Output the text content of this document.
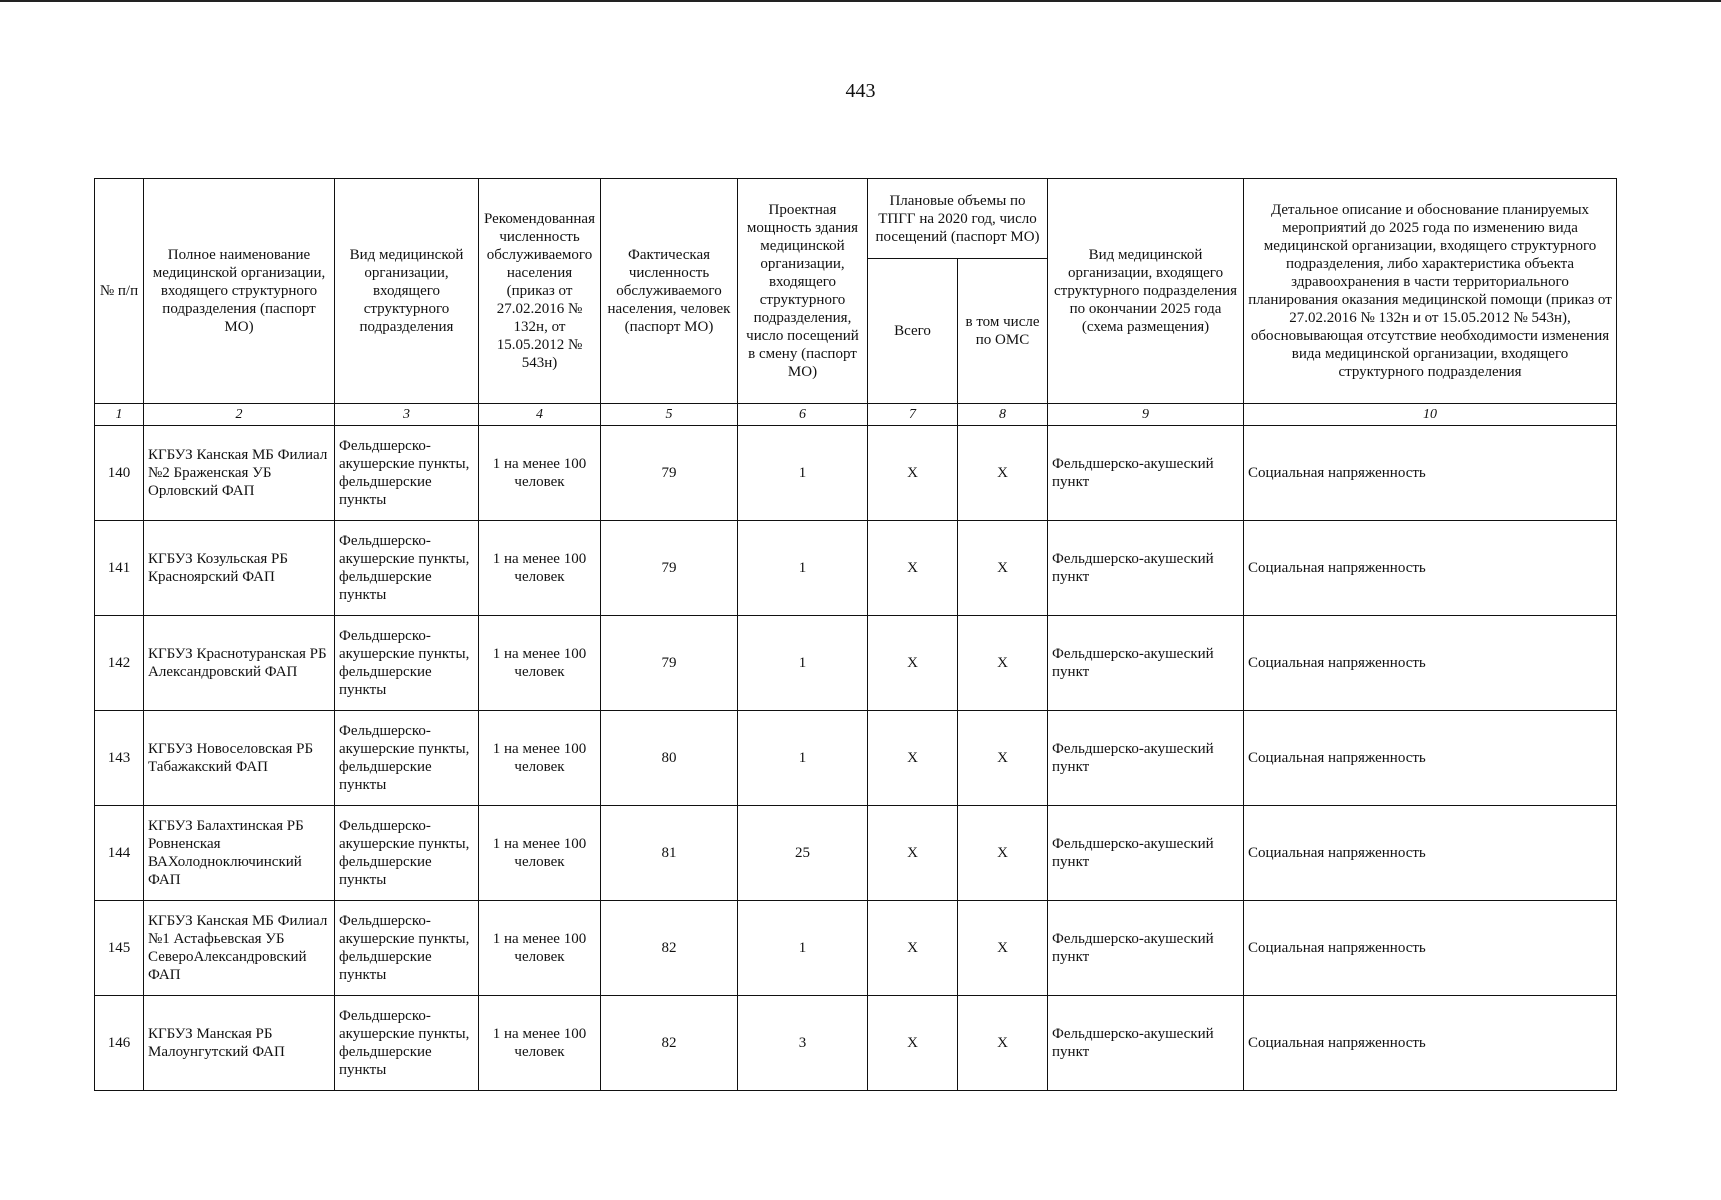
443
№ п/п	Полное наименование медицинской организации, входящего структурного подразделения (паспорт МО)	Вид медицинской организации, входящего структурного подразделения	Рекомендованная численность обслуживаемого населения (приказ от 27.02.2016 № 132н, от 15.05.2012 № 543н)	Фактическая численность обслуживаемого населения, человек (паспорт МО)	Проектная мощность здания медицинской организации, входящего структурного подразделения, число посещений в смену (паспорт МО)	Плановые объемы по ТПГГ на 2020 год, число посещений (паспорт МО)		Вид медицинской организации, входящего структурного подразделения по окончании 2025 года (схема размещения)	Детальное описание и обоснование планируемых мероприятий до 2025 года по изменению вида медицинской организации, входящего структурного подразделения, либо характеристика объекта здравоохранения в части территориального планирования оказания медицинской помощи (приказ от 27.02.2016 № 132н и от 15.05.2012 № 543н), обосновывающая отсутствие необходимости изменения вида медицинской организации, входящего структурного подразделения
						Всего	в том числе по ОМС		
1	2	3	4	5	6	7	8	9	10
140	КГБУЗ Канская МБ Филиал №2 Браженская УБ Орловский ФАП	Фельдшерско-акушерские пункты, фельдшерские пункты	1 на менее 100 человек	79	1	Х	Х	Фельдшерско-акушеский пункт	Социальная напряженность
141	КГБУЗ Козульская РБ Красноярский ФАП	Фельдшерско-акушерские пункты, фельдшерские пункты	1 на менее 100 человек	79	1	Х	Х	Фельдшерско-акушеский пункт	Социальная напряженность
142	КГБУЗ Краснотуранская РБ Александровский ФАП	Фельдшерско-акушерские пункты, фельдшерские пункты	1 на менее 100 человек	79	1	Х	Х	Фельдшерско-акушеский пункт	Социальная напряженность
143	КГБУЗ Новоселовская РБ Табажакский ФАП	Фельдшерско-акушерские пункты, фельдшерские пункты	1 на менее 100 человек	80	1	Х	Х	Фельдшерско-акушеский пункт	Социальная напряженность
144	КГБУЗ Балахтинская РБ Ровненская ВАХолодноключинский ФАП	Фельдшерско-акушерские пункты, фельдшерские пункты	1 на менее 100 человек	81	25	Х	Х	Фельдшерско-акушеский пункт	Социальная напряженность
145	КГБУЗ Канская МБ Филиал №1 Астафьевская УБ СевероАлександровский ФАП	Фельдшерско-акушерские пункты, фельдшерские пункты	1 на менее 100 человек	82	1	Х	Х	Фельдшерско-акушеский пункт	Социальная напряженность
146	КГБУЗ Манская РБ Малоунгутский ФАП	Фельдшерско-акушерские пункты, фельдшерские пункты	1 на менее 100 человек	82	3	Х	Х	Фельдшерско-акушеский пункт	Социальная напряженность
